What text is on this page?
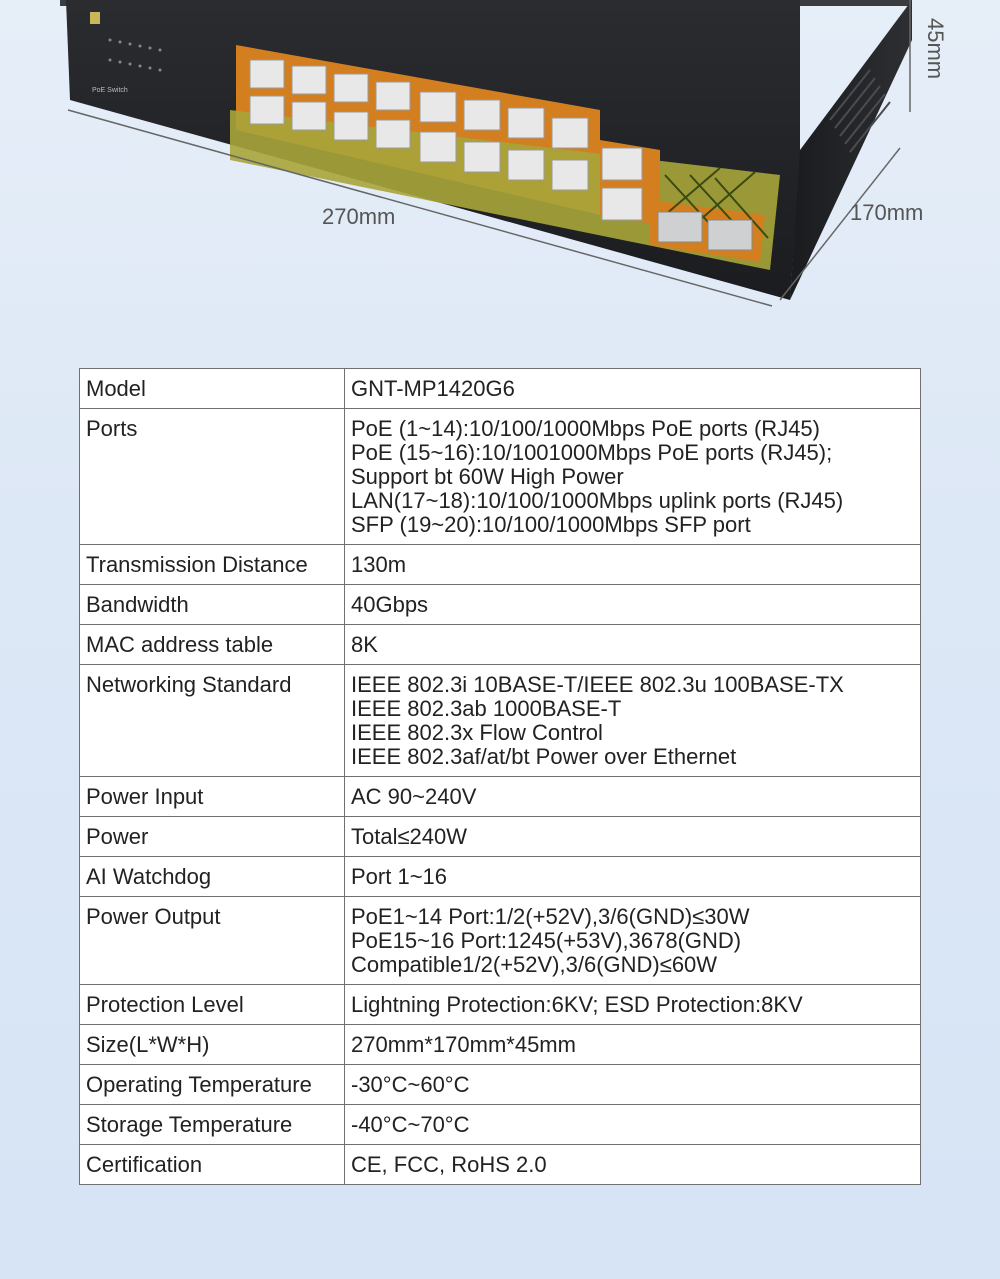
PoE Switch
270mm	170mm
45mm
Model	GNT-MP1420G6

Ports	PoE (1~14):10/100/1000Mbps PoE ports (RJ45)
PoE (15~16):10/1001000Mbps PoE ports (RJ45);
Support bt 60W High Power
LAN(17~18):10/100/1000Mbps uplink ports (RJ45)
SFP (19~20):10/100/1000Mbps SFP port

Transmission Distance	130m

Bandwidth	40Gbps

MAC address table	8K

Networking Standard	IEEE 802.3i 10BASE-T/IEEE 802.3u 100BASE-TX
IEEE 802.3ab 1000BASE-T
IEEE 802.3x Flow Control
IEEE 802.3af/at/bt Power over Ethernet

Power Input	AC 90~240V

Power	Total≤240W

AI Watchdog	Port 1~16

Power Output	PoE1~14 Port:1/2(+52V),3/6(GND)≤30W
PoE15~16 Port:1245(+53V),3678(GND)
Compatible1/2(+52V),3/6(GND)≤60W

Protection Level	Lightning Protection:6KV; ESD Protection:8KV

Size(L*W*H)	270mm*170mm*45mm

Operating Temperature	-30°C~60°C

Storage Temperature	-40°C~70°C

Certification	CE, FCC, RoHS 2.0
